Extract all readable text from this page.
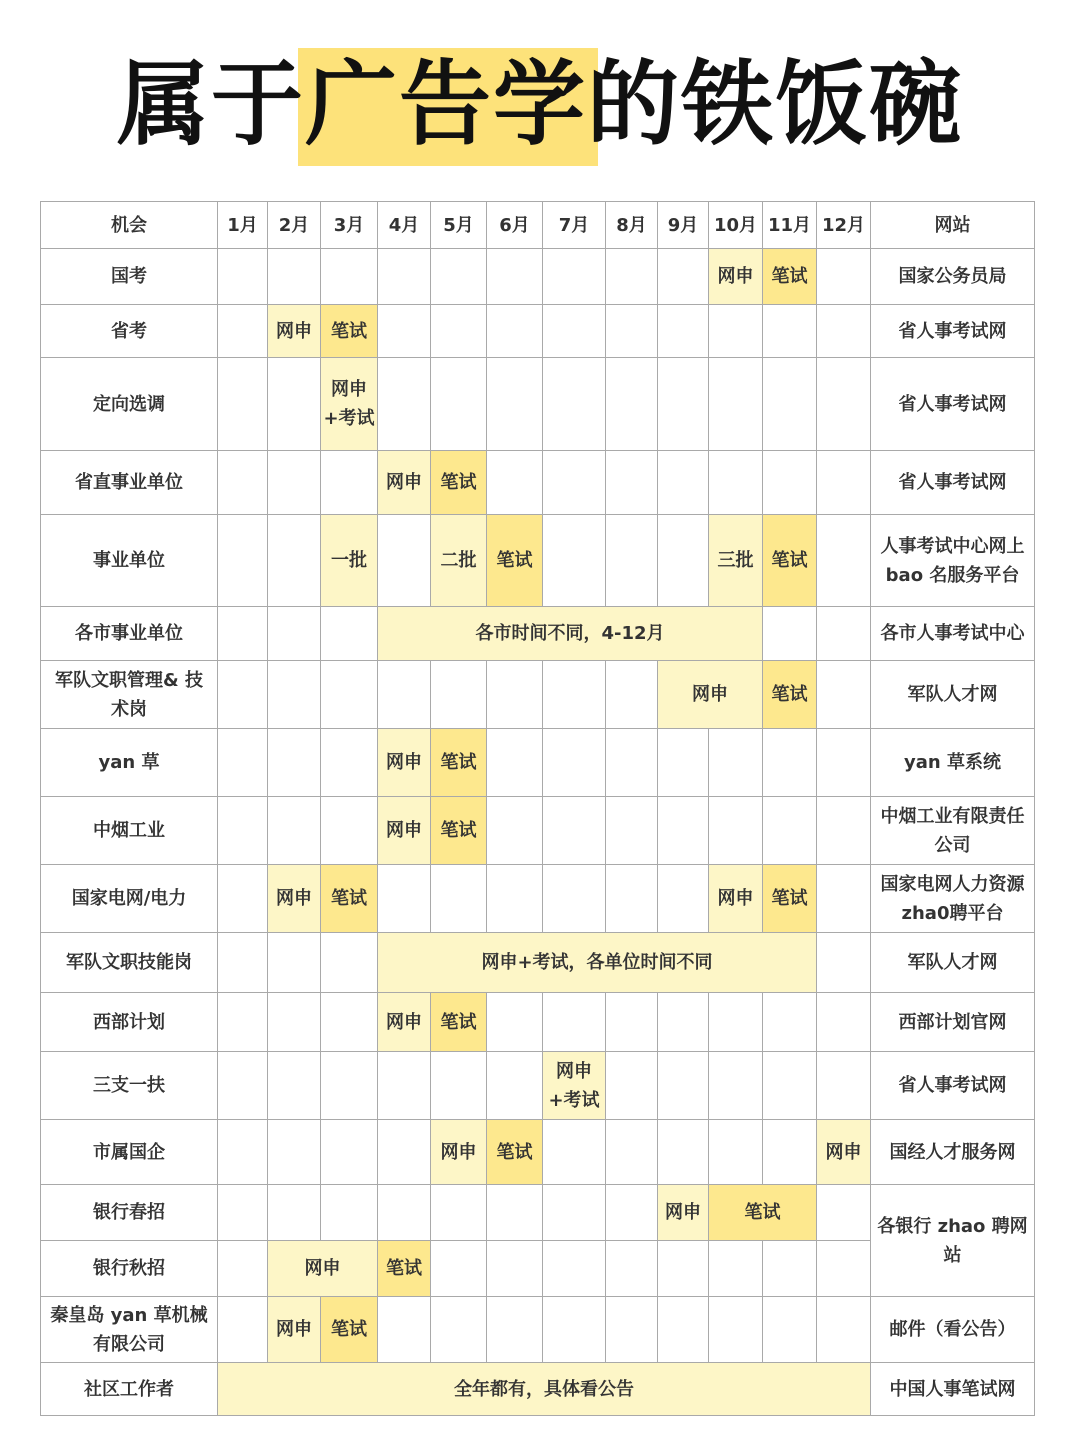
属于广告学的铁饭碗
机会	1月	2月	3月	4月	5月	6月	7月	8月	9月	10月	11月	12月	网站
国考										网申	笔试		国家公务员局
省考		网申	笔试										省人事考试网
定向选调			网申
+考试										省人事考试网
省直事业单位				网申	笔试								省人事考试网
事业单位			一批		二批	笔试				三批	笔试		人事考试中心网上
bao 名服务平台
各市事业单位				各市时间不同，4-12月									各市人事考试中心
军队文职管理& 技
术岗									网申		笔试		军队人才网
yan 草				网申	笔试								yan 草系统
中烟工业				网申	笔试								中烟工业有限责任
公司
国家电网/电力		网申	笔试							网申	笔试		国家电网人力资源
zha0聘平台
军队文职技能岗				网申+考试，各单位时间不同									军队人才网
西部计划				网申	笔试								西部计划官网
三支一扶							网申
+考试						省人事考试网
市属国企					网申	笔试						网申	国经人才服务网
银行春招									网申	笔试			各银行 zhao 聘网
站
银行秋招		网申		笔试									
秦皇岛 yan 草机械
有限公司		网申	笔试										邮件（看公告）
社区工作者	全年都有，具体看公告												中国人事笔试网
